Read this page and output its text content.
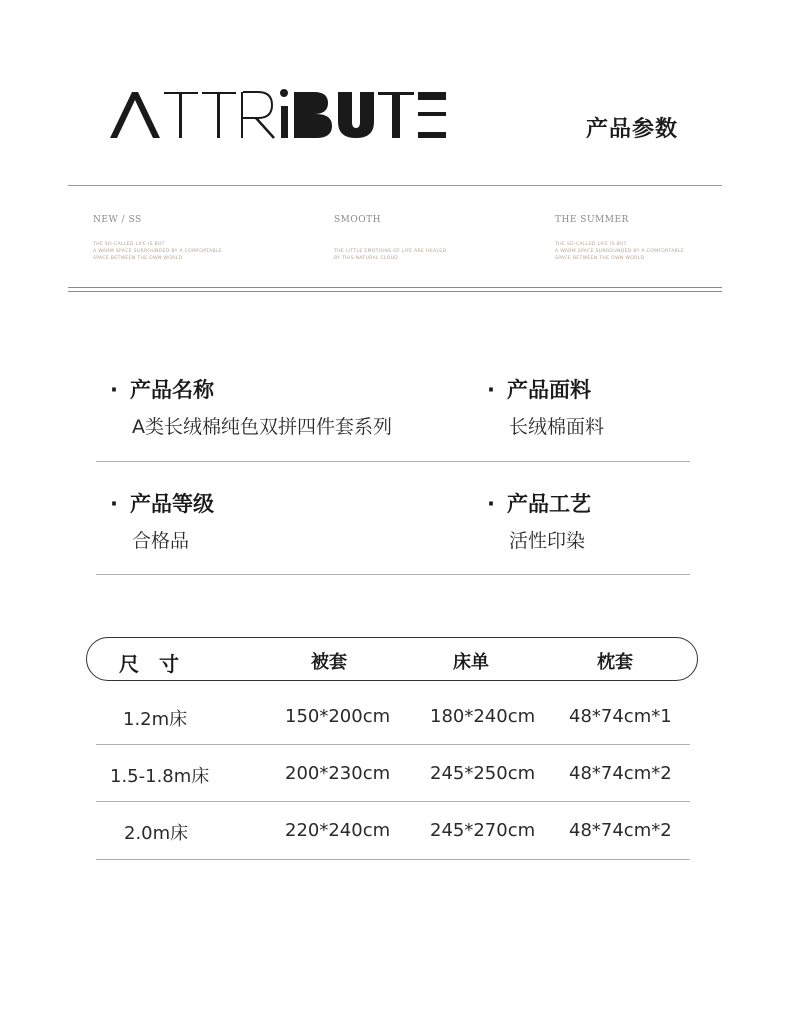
产品参数
NEW / SS
THE SO-CALLED LIFE IS BUT
A WARM SPACE SURROUNDED BY A COMFORTABLE
SPACE BETWEEN THE OWN WORLD
SMOOTH
THE LITTLE EMOTIONS OF LIFE ARE HEALED
BY THIS NATURAL CLOUD
THE SUMMER
THE SO-CALLED LIFE IS BUT
A WARM SPACE SURROUNDED BY A COMFORTABLE
SPACE BETWEEN THE OWN WORLD
· 产品名称
A类长绒棉纯色双拼四件套系列
· 产品面料
长绒棉面料
· 产品等级
合格品
· 产品工艺
活性印染
尺　寸	被套	床单	枕套
1.2m床	150*200cm 180*240cm 48*74cm*1
1.5-1.8m床	200*230cm 245*250cm 48*74cm*2
2.0m床	220*240cm 245*270cm 48*74cm*2
